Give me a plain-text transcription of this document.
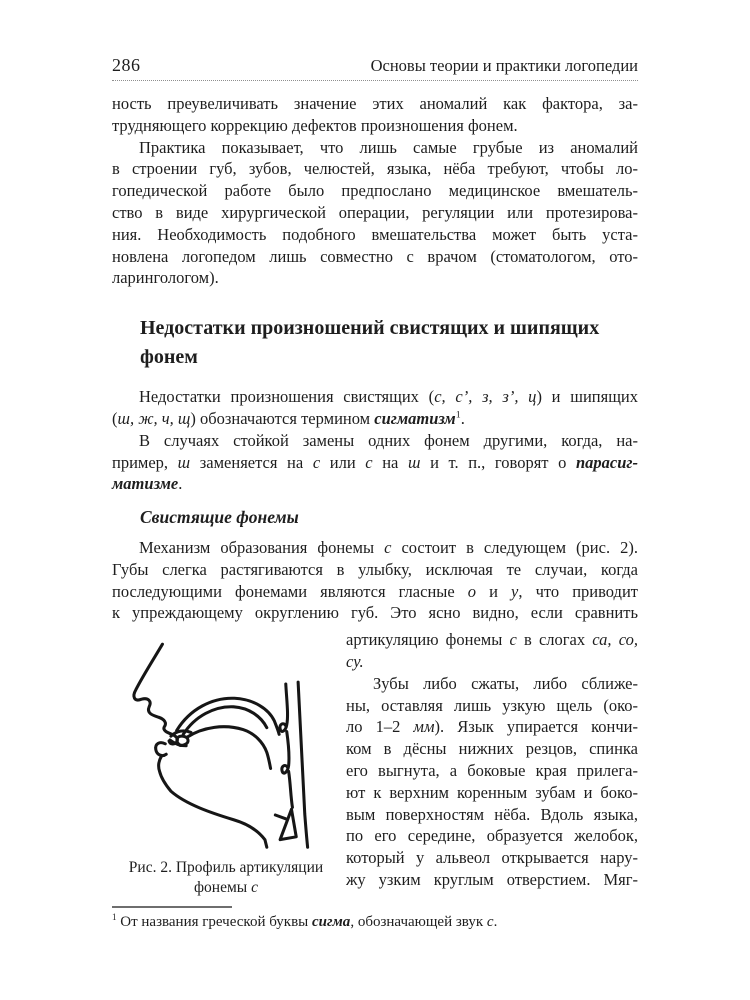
286	Основы теории и практики логопедии
ность преувеличивать значение этих аномалий как фактора, за-
трудняющего коррекцию дефектов произношения фонем.
Практика показывает, что лишь самые грубые из аномалий
в строении губ, зубов, челюстей, языка, нёба требуют, чтобы ло-
гопедической работе было предпослано медицинское вмешатель-
ство в виде хирургической операции, регуляции или протезирова-
ния. Необходимость подобного вмешательства может быть уста-
новлена логопедом лишь совместно с врачом (стоматологом, ото-
ларингологом).
Недостатки произношений свистящих и шипящих
фонем
Недостатки произношения свистящих (с, с’, з, з’, ц) и шипящих
(ш, ж, ч, щ) обозначаются термином сигматизм$^1$.
В случаях стойкой замены одних фонем другими, когда, на-
пример, ш заменяется на с или с на ш и т. п., говорят о парасиг-
матизме.
Свистящие фонемы
Механизм образования фонемы с состоит в следующем (рис. 2).
Губы слегка растягиваются в улыбку, исключая те случаи, когда
последующими фонемами являются гласные о и у, что приводит
к упреждающему округлению губ. Это ясно видно, если сравнить
Рис. 2. Профиль артикуляции
фонемы с
артикуляцию фонемы с в слогах са, со,
су.
Зубы либо сжаты, либо сближе-
ны, оставляя лишь узкую щель (око-
ло 1–2 мм). Язык упирается кончи-
ком в дёсны нижних резцов, спинка
его выгнута, а боковые края прилега-
ют к верхним коренным зубам и боко-
вым поверхностям нёба. Вдоль языка,
по его середине, образуется желобок,
который у альвеол открывается нару-
жу узким круглым отверстием. Мяг-
$^1$ От названия греческой буквы сигма, обозначающей звук с.
